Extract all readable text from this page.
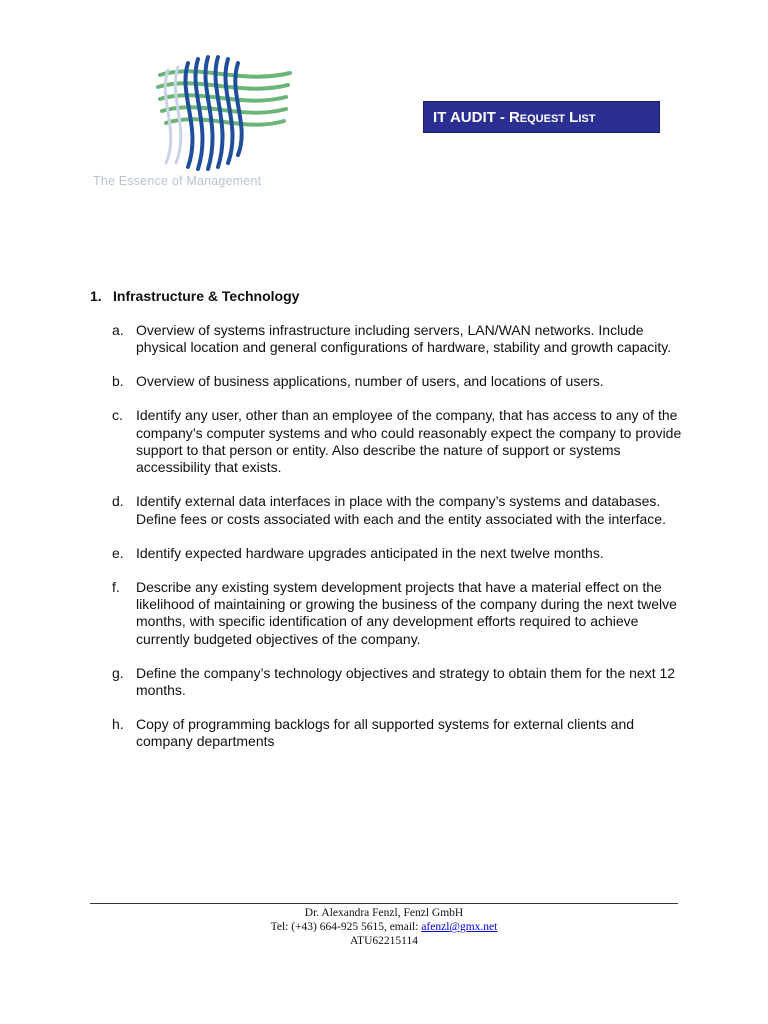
The Essence of Management
IT AUDIT - Request List
1. Infrastructure & Technology
a. Overview of systems infrastructure including servers, LAN/WAN networks. Include physical location and general configurations of hardware, stability and growth capacity.
b. Overview of business applications, number of users, and locations of users.
c. Identify any user, other than an employee of the company, that has access to any of the company’s computer systems and who could reasonably expect the company to provide support to that person or entity. Also describe the nature of support or systems accessibility that exists.
d. Identify external data interfaces in place with the company’s systems and databases. Define fees or costs associated with each and the entity associated with the interface.
e. Identify expected hardware upgrades anticipated in the next twelve months.
f.	Describe any existing system development projects that have a material effect on the likelihood of maintaining or growing the business of the company during the next twelve months, with specific identification of any development efforts required to achieve currently budgeted objectives of the company.
g. Define the company’s technology objectives and strategy to obtain them for the next 12 months.
h. Copy of programming backlogs for all supported systems for external clients and company departments
Dr. Alexandra Fenzl, Fenzl GmbH
Tel: (+43) 664-925 5615, email: afenzl@gmx.net
ATU62215114
